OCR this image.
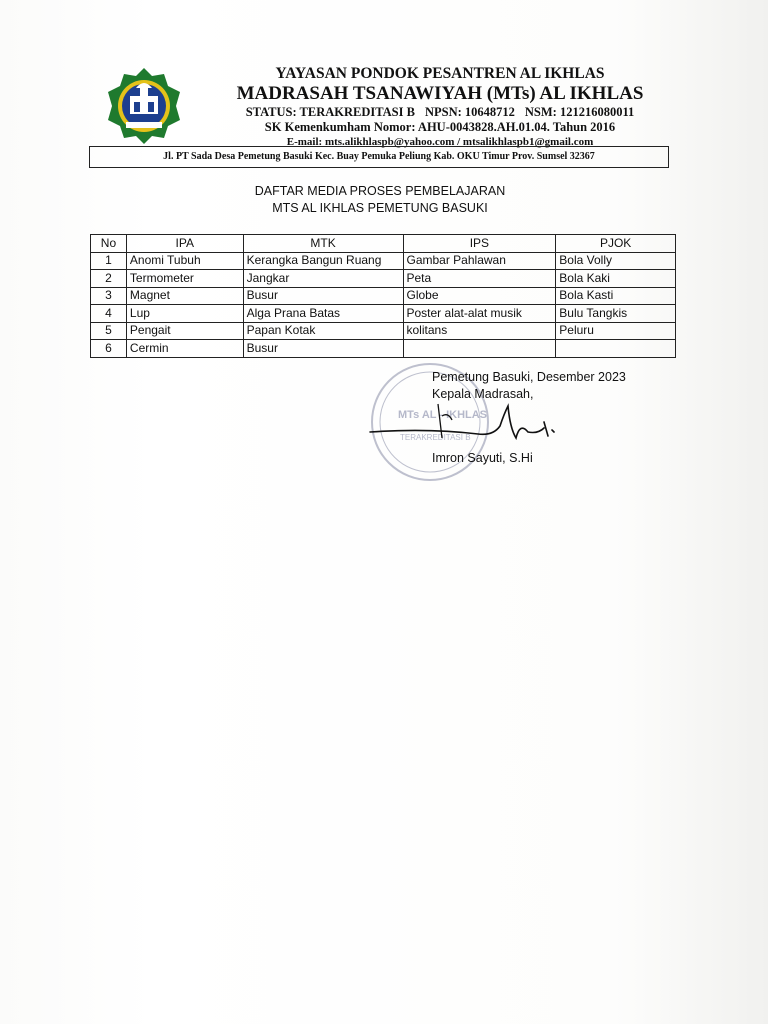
YAYASAN PONDOK PESANTREN AL IKHLAS
MADRASAH TSANAWIYAH (MTs) AL IKHLAS
STATUS: TERAKREDITASI B NPSN: 10648712 NSM: 121216080011
SK Kemenkumham Nomor: AHU-0043828.AH.01.04. Tahun 2016
E-mail: mts.alikhlaspb@yahoo.com / mtsalikhlaspb1@gmail.com
Jl. PT Sada Desa Pemetung Basuki Kec. Buay Pemuka Peliung Kab. OKU Timur Prov. Sumsel 32367
DAFTAR MEDIA PROSES PEMBELAJARAN
MTS AL IKHLAS PEMETUNG BASUKI
No	IPA	MTK	IPS	PJOK
1	Anomi Tubuh	Kerangka Bangun Ruang	Gambar Pahlawan	Bola Volly
2	Termometer	Jangkar	Peta	Bola Kaki
3	Magnet	Busur	Globe	Bola Kasti
4	Lup	Alga Prana Batas	Poster alat-alat musik	Bulu Tangkis
5	Pengait	Papan Kotak	kolitans	Peluru
6	Cermin	Busur		
MTs AL - IKHLAS
TERAKREDITASI B
Pemetung Basuki, Desember 2023
Kepala Madrasah,
Imron Sayuti, S.Hi
